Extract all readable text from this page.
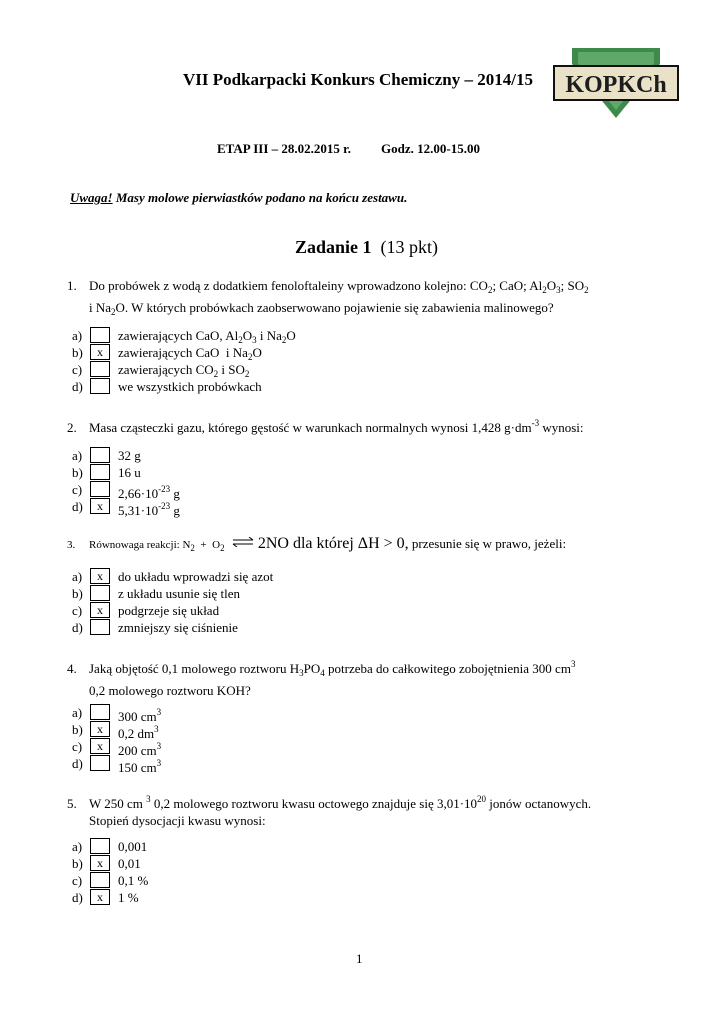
VII Podkarpacki Konkurs Chemiczny – 2014/15 KOPKCh
ETAP III – 28.02.2015 r. Godz. 12.00-15.00
Uwaga! Masy molowe pierwiastków podano na końcu zestawu.
Zadanie 1 (13 pkt)
1. Do probówek z wodą z dodatkiem fenoloftaleiny wprowadzono kolejno: $CO_2$; CaO; $Al_2O_3$; $SO_2$
i $Na_2O$. W których probówkach zaobserwowano pojawienie się zabawienia malinowego?
a)	zawierających CaO, $Al_2O_3$ i $Na_2O$
b)	x	zawierających CaO  i $Na_2O$
c)	zawierających $CO_2$ i $SO_2$
d)	we wszystkich probówkach
2. Masa cząsteczki gazu, którego gęstość w warunkach normalnych wynosi 1,428 $g\cdot dm^{-3}$ wynosi:
a)	32 g
b)	16 u
c)	$2,66\cdot 10^{-23}$ g
d)	x	$5,31\cdot 10^{-23}$ g
3. Równowaga reakcji: $N_2 + O_2$ ⇌ 2NO dla której ΔH > 0, przesunie się w prawo, jeżeli:
a)	x	do układu wprowadzi się azot
b)	z układu usunie się tlen
c)	x	podgrzeje się układ
d)	zmniejszy się ciśnienie
4. Jaką objętość 0,1 molowego roztworu $H_3PO_4$ potrzeba do całkowitego zobojętnienia 300 $cm^3$
0,2 molowego roztworu KOH?
a)	300 $cm^3$
b)	x	0,2 $dm^3$
c)	x	200 $cm^3$
d)	150 $cm^3$
5. W 250 cm $^3$ 0,2 molowego roztworu kwasu octowego znajduje się $3,01\cdot 10^{20}$ jonów octanowych.
Stopień dysocjacji kwasu wynosi:
a)	0,001
b)	x	0,01
c)	0,1 %
d)	x	1 %
1
